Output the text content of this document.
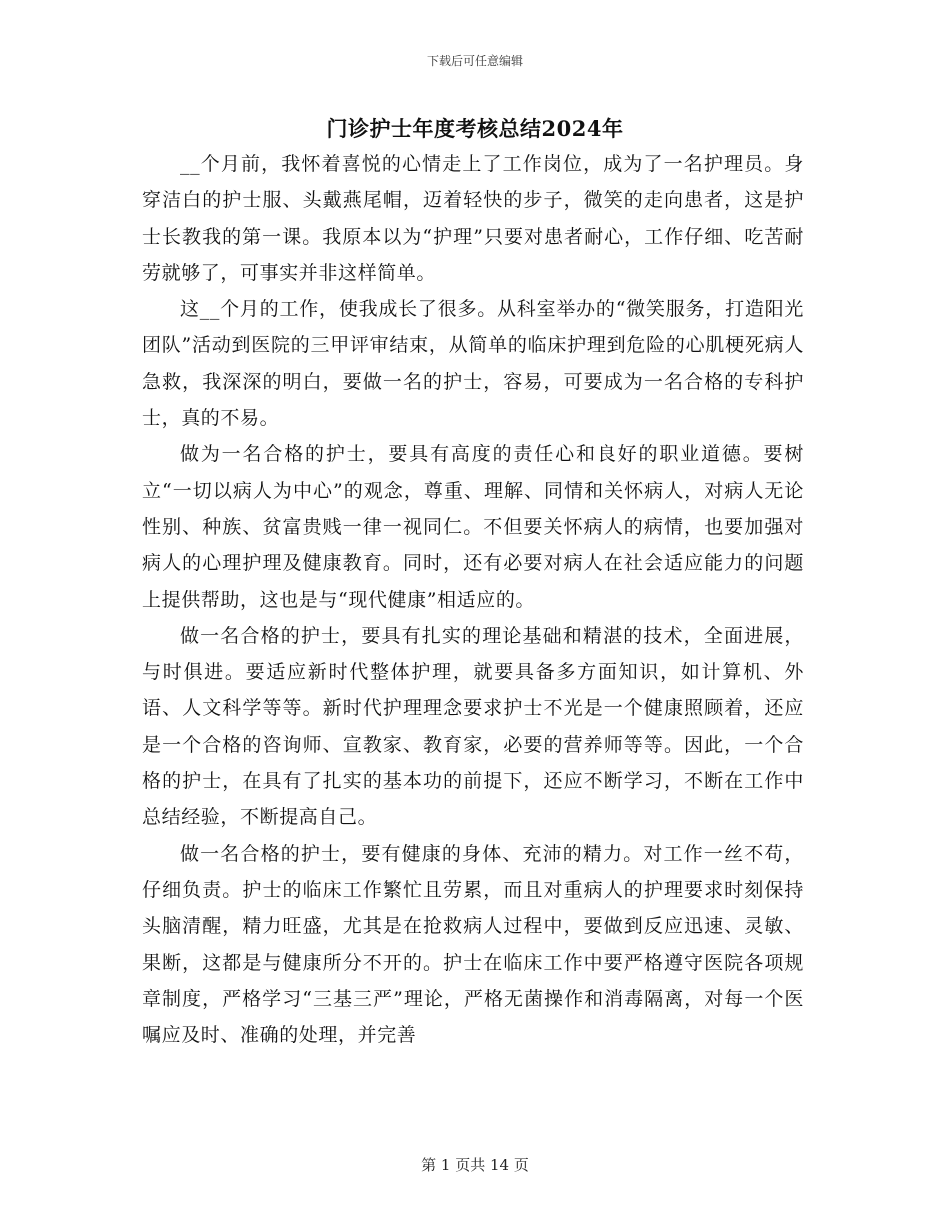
下载后可任意编辑
门诊护士年度考核总结2024年

__个月前，我怀着喜悦的心情走上了工作岗位，成为了一名护理员。身穿洁白的护士服、头戴燕尾帽，迈着轻快的步子，微笑的走向患者，这是护士长教我的第一课。我原本以为“护理”只要对患者耐心，工作仔细、吃苦耐劳就够了，可事实并非这样简单。

这__个月的工作，使我成长了很多。从科室举办的“微笑服务，打造阳光团队”活动到医院的三甲评审结束，从简单的临床护理到危险的心肌梗死病人急救，我深深的明白，要做一名的护士，容易，可要成为一名合格的专科护士，真的不易。

做为一名合格的护士，要具有高度的责任心和良好的职业道德。要树立“一切以病人为中心”的观念，尊重、理解、同情和关怀病人，对病人无论性别、种族、贫富贵贱一律一视同仁。不但要关怀病人的病情，也要加强对病人的心理护理及健康教育。同时，还有必要对病人在社会适应能力的问题上提供帮助，这也是与“现代健康”相适应的。

做一名合格的护士，要具有扎实的理论基础和精湛的技术，全面进展，与时俱进。要适应新时代整体护理，就要具备多方面知识，如计算机、外语、人文科学等等。新时代护理理念要求护士不光是一个健康照顾着，还应是一个合格的咨询师、宣教家、教育家，必要的营养师等等。因此，一个合格的护士，在具有了扎实的基本功的前提下，还应不断学习，不断在工作中总结经验，不断提高自己。

做一名合格的护士，要有健康的身体、充沛的精力。对工作一丝不苟，仔细负责。护士的临床工作繁忙且劳累，而且对重病人的护理要求时刻保持头脑清醒，精力旺盛，尤其是在抢救病人过程中，要做到反应迅速、灵敏、果断，这都是与健康所分不开的。护士在临床工作中要严格遵守医院各项规章制度，严格学习“三基三严”理论，严格无菌操作和消毒隔离，对每一个医嘱应及时、准确的处理，并完善

第 1 页共 14 页
